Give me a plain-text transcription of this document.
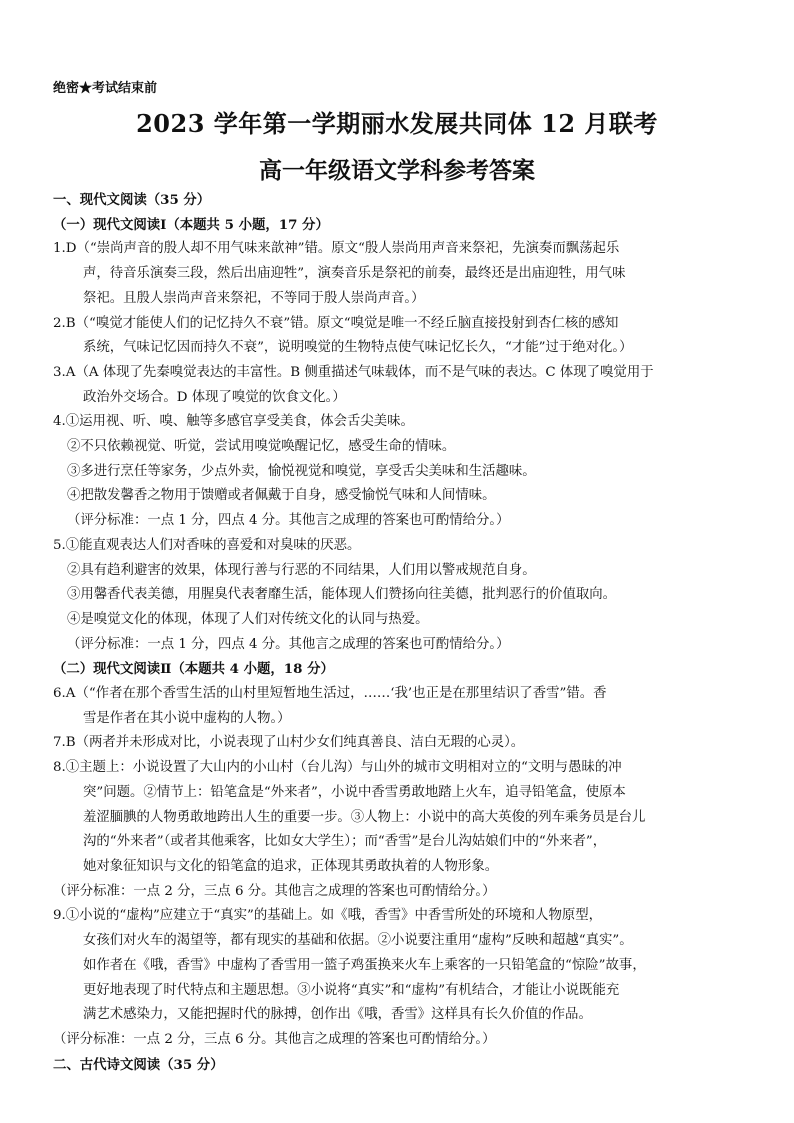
绝密★考试结束前
2023 学年第一学期丽水发展共同体 12 月联考
高一年级语文学科参考答案
一、现代文阅读（35 分）
（一）现代文阅读Ⅰ（本题共 5 小题，17 分）
1.D（“崇尚声音的殷人却不用气味来歆神”错。原文“殷人崇尚用声音来祭祀，先演奏而飘荡起乐
声，待音乐演奏三段，然后出庙迎牲”，演奏音乐是祭祀的前奏，最终还是出庙迎牲，用气味
祭祀。且殷人崇尚声音来祭祀，不等同于殷人崇尚声音。）
2.B（“嗅觉才能使人们的记忆持久不衰”错。原文“嗅觉是唯一不经丘脑直接投射到杏仁核的感知
系统，气味记忆因而持久不衰”，说明嗅觉的生物特点使气味记忆长久，“才能”过于绝对化。）
3.A（A 体现了先秦嗅觉表达的丰富性。B 侧重描述气味载体，而不是气味的表达。C 体现了嗅觉用于
政治外交场合。D 体现了嗅觉的饮食文化。）
4.①运用视、听、嗅、触等多感官享受美食，体会舌尖美味。
②不只依赖视觉、听觉，尝试用嗅觉唤醒记忆，感受生命的情味。
③多进行烹任等家务，少点外卖，愉悦视觉和嗅觉，享受舌尖美味和生活趣味。
④把散发馨香之物用于馈赠或者佩戴于自身，感受愉悦气味和人间情味。
（评分标准：一点 1 分，四点 4 分。其他言之成理的答案也可酌情给分。）
5.①能直观表达人们对香味的喜爱和对臭味的厌恶。
②具有趋利避害的效果，体现行善与行恶的不同结果，人们用以警戒规范自身。
③用馨香代表美德，用腥臭代表奢靡生活，能体现人们赞扬向往美德，批判恶行的价值取向。
④是嗅觉文化的体现，体现了人们对传统文化的认同与热爱。
（评分标准：一点 1 分，四点 4 分。其他言之成理的答案也可酌情给分。）
（二）现代文阅读Ⅱ（本题共 4 小题，18 分）
6.A（“作者在那个香雪生活的山村里短暂地生活过，……‘我’也正是在那里结识了香雪”错。香
雪是作者在其小说中虚构的人物。）
7.B（两者并未形成对比，小说表现了山村少女们纯真善良、洁白无瑕的心灵）。
8.①主题上：小说设置了大山内的小山村（台儿沟）与山外的城市文明相对立的“文明与愚昧的冲
突”问题。②情节上：铅笔盒是“外来者”，小说中香雪勇敢地踏上火车，追寻铅笔盒，使原本
羞涩腼腆的人物勇敢地跨出人生的重要一步。③人物上：小说中的高大英俊的列车乘务员是台儿
沟的“外来者”（或者其他乘客，比如女大学生）；而“香雪”是台儿沟姑娘们中的“外来者”，
她对象征知识与文化的铅笔盒的追求，正体现其勇敢执着的人物形象。
（评分标准：一点 2 分，三点 6 分。其他言之成理的答案也可酌情给分。）
9.①小说的“虚构”应建立于“真实”的基础上。如《哦，香雪》中香雪所处的环境和人物原型，
女孩们对火车的渴望等，都有现实的基础和依据。②小说要注重用“虚构”反映和超越“真实”。
如作者在《哦，香雪》中虚构了香雪用一篮子鸡蛋换来火车上乘客的一只铅笔盒的“惊险”故事，
更好地表现了时代特点和主题思想。③小说将“真实”和“虚构”有机结合，才能让小说既能充
满艺术感染力，又能把握时代的脉搏，创作出《哦，香雪》这样具有长久价值的作品。
（评分标准：一点 2 分，三点 6 分。其他言之成理的答案也可酌情给分。）
二、古代诗文阅读（35 分）
